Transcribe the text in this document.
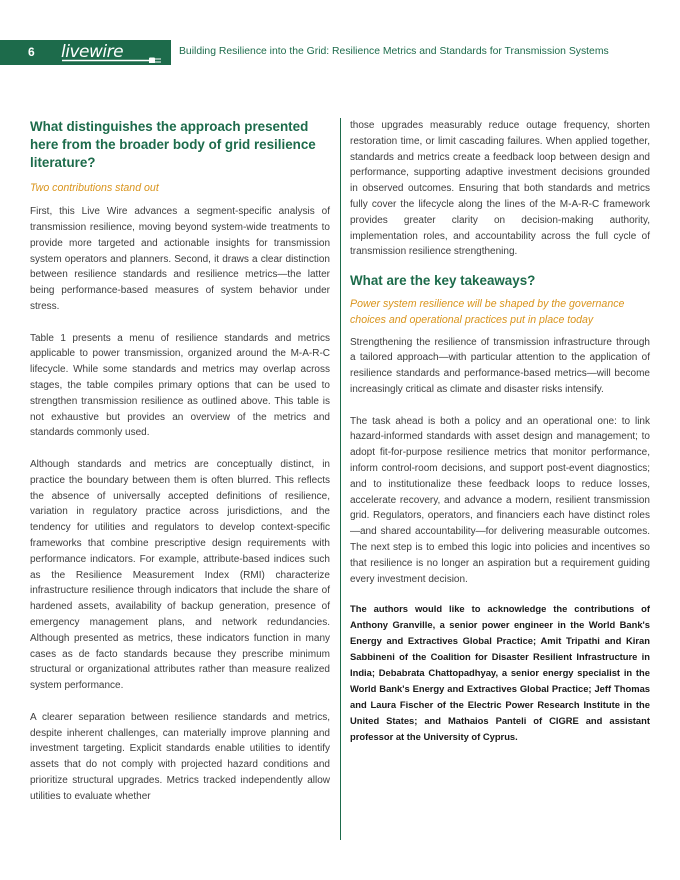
6 livewire	Building Resilience into the Grid: Resilience Metrics and Standards for Transmission Systems
What distinguishes the approach presented here from the broader body of grid resilience literature?
Two contributions stand out

First, this Live Wire advances a segment-specific analysis of transmission resilience, moving beyond system-wide treatments to provide more targeted and actionable insights for transmission system operators and planners. Second, it draws a clear distinction between resilience standards and resilience metrics—the latter being performance-based measures of system behavior under stress.

Table 1 presents a menu of resilience standards and metrics applicable to power transmission, organized around the M-A-R-C lifecycle. While some standards and metrics may overlap across stages, the table compiles primary options that can be used to strengthen transmission resilience as outlined above. This table is not exhaustive but provides an overview of the metrics and standards commonly used.

Although standards and metrics are conceptually distinct, in practice the boundary between them is often blurred. This reflects the absence of universally accepted definitions of resilience, variation in regulatory practice across jurisdictions, and the tendency for utilities and regulators to develop context-specific frameworks that combine prescriptive design requirements with performance indicators. For example, attribute-based indices such as the Resilience Measurement Index (RMI) characterize infrastructure resilience through indicators that include the share of hardened assets, availability of backup generation, presence of emergency management plans, and network redundancies. Although presented as metrics, these indicators function in many cases as de facto standards because they prescribe minimum structural or organizational attributes rather than measure realized system performance.

A clearer separation between resilience standards and metrics, despite inherent challenges, can materially improve planning and investment targeting. Explicit standards enable utilities to identify assets that do not comply with projected hazard conditions and prioritize structural upgrades. Metrics tracked independently allow utilities to evaluate whether

those upgrades measurably reduce outage frequency, shorten restoration time, or limit cascading failures. When applied together, standards and metrics create a feedback loop between design and performance, supporting adaptive investment decisions grounded in observed outcomes. Ensuring that both standards and metrics fully cover the lifecycle along the lines of the M-A-R-C framework provides greater clarity on decision-making authority, implementation roles, and accountability across the full cycle of transmission resilience strengthening.

What are the key takeaways?
Power system resilience will be shaped by the governance choices and operational practices put in place today

Strengthening the resilience of transmission infrastructure through a tailored approach—with particular attention to the application of resilience standards and performance-based metrics—will become increasingly critical as climate and disaster risks intensify.

The task ahead is both a policy and an operational one: to link hazard-informed standards with asset design and management; to adopt fit-for-purpose resilience metrics that monitor performance, inform control-room decisions, and support post-event diagnostics; and to institutionalize these feedback loops to reduce losses, accelerate recovery, and advance a modern, resilient transmission grid. Regulators, operators, and financiers each have distinct roles—and shared accountability—for delivering measurable outcomes. The next step is to embed this logic into policies and incentives so that resilience is no longer an aspiration but a requirement guiding every investment decision.

The authors would like to acknowledge the contributions of Anthony Granville, a senior power engineer in the World Bank's Energy and Extractives Global Practice; Amit Tripathi and Kiran Sabbineni of the Coalition for Disaster Resilient Infrastructure in India; Debabrata Chattopadhyay, a senior energy specialist in the World Bank's Energy and Extractives Global Practice; Jeff Thomas and Laura Fischer of the Electric Power Research Institute in the United States; and Mathaios Panteli of CIGRE and assistant professor at the University of Cyprus.
